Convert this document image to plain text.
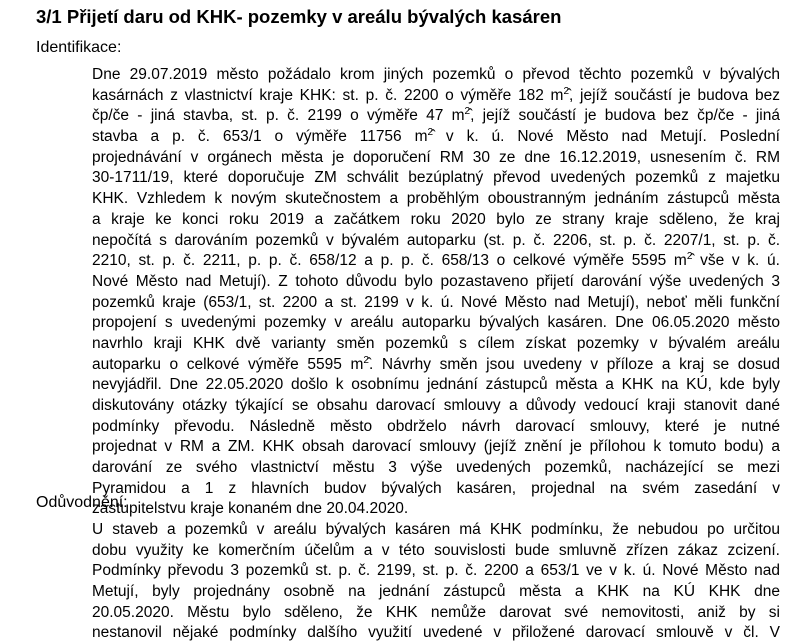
3/1 Přijetí daru od KHK- pozemky v areálu bývalých kasáren
Identifikace:
Dne 29.07.2019 město požádalo krom jiných pozemků o převod těchto pozemků v bývalých
kasárnách z vlastnictví kraje KHK: st. p. č. 2200 o výměře 182 $m^2̂$, jejíž součástí je budova bez
čp/če - jiná stavba, st. p. č. 2199 o výměře 47 $m^2̂$, jejíž součástí je budova bez čp/če - jiná
stavba a p. č. 653/1 o výměře 11756 $m^2̂$ v k. ú. Nové Město nad Metují. Poslední
projednávání v orgánech města je doporučení RM 30 ze dne 16.12.2019, usnesením č. RM
30-1711/19, které doporučuje ZM schválit bezúplatný převod uvedených pozemků z majetku
KHK. Vzhledem k novým skutečnostem a proběhlým oboustranným jednáním zástupců města
a kraje ke konci roku 2019 a začátkem roku 2020 bylo ze strany kraje sděleno, že kraj
nepočítá s darováním pozemků v bývalém autoparku (st. p. č. 2206, st. p. č. 2207/1, st. p. č.
2210, st. p. č. 2211, p. p. č. 658/12 a p. p. č. 658/13 o celkové výměře 5595 $m^2̂$ vše v k. ú.
Nové Město nad Metují). Z tohoto důvodu bylo pozastaveno přijetí darování výše uvedených 3
pozemků kraje (653/1, st. 2200 a st. 2199 v k. ú. Nové Město nad Metují), neboť měli funkční
propojení s uvedenými pozemky v areálu autoparku bývalých kasáren. Dne 06.05.2020 město
navrhlo kraji KHK dvě varianty směn pozemků s cílem získat pozemky v bývalém areálu
autoparku o celkové výměře 5595 $m^2̂$. Návrhy směn jsou uvedeny v příloze a kraj se dosud
nevyjádřil. Dne 22.05.2020 došlo k osobnímu jednání zástupců města a KHK na KÚ, kde byly
diskutovány otázky týkající se obsahu darovací smlouvy a důvody vedoucí kraji stanovit dané
podmínky převodu. Následně město obdrželo návrh darovací smlouvy, které je nutné
projednat v RM a ZM. KHK obsah darovací smlouvy (jejíž znění je přílohou k tomuto bodu) a
darování ze svého vlastnictví městu 3 výše uvedených pozemků, nacházející se mezi
Pyramidou a 1 z hlavních budov bývalých kasáren, projednal na svém zasedání v
zastupitelstvu kraje konaném dne 20.04.2020.
Odůvodnění:
U staveb a pozemků v areálu bývalých kasáren má KHK podmínku, že nebudou po určitou
dobu využity ke komerčním účelům a v této souvislosti bude smluvně zřízen zákaz zcizení.
Podmínky převodu 3 pozemků st. p. č. 2199, st. p. č. 2200 a 653/1 ve v k. ú. Nové Město nad
Metují, byly projednány osobně na jednání zástupců města a KHK na KÚ KHK dne
20.05.2020. Městu bylo sděleno, že KHK nemůže darovat své nemovitosti, aniž by si
nestanovil nějaké podmínky dalšího využití uvedené v přiložené darovací smlouvě v čl. V
